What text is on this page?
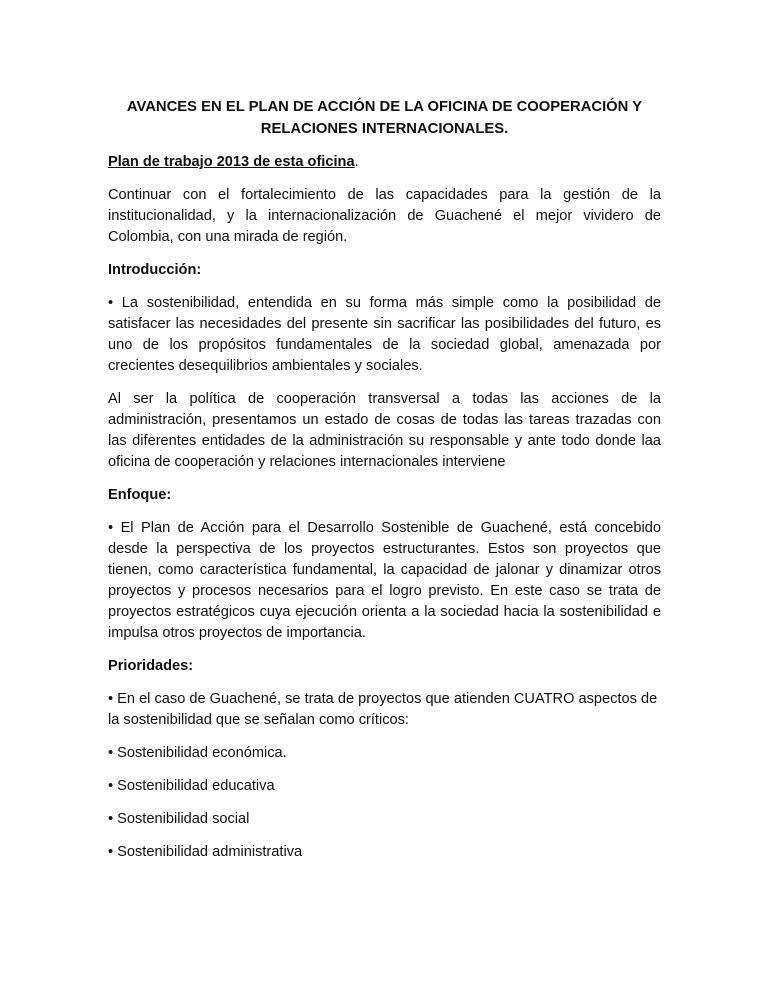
AVANCES EN EL PLAN DE ACCIÓN DE LA OFICINA DE COOPERACIÓN Y RELACIONES INTERNACIONALES.

Plan de trabajo 2013 de esta oficina.

Continuar con el fortalecimiento de las capacidades para la gestión de la institucionalidad, y la internacionalización de Guachené el mejor vividero de Colombia, con una mirada de región.

Introducción:

• La sostenibilidad, entendida en su forma más simple como la posibilidad de satisfacer las necesidades del presente sin sacrificar las posibilidades del futuro, es uno de los propósitos fundamentales de la sociedad global, amenazada por crecientes desequilibrios ambientales y sociales.

Al ser la política de cooperación transversal a todas las acciones de la administración, presentamos un estado de cosas de todas las tareas trazadas con las diferentes entidades de la administración su responsable y ante todo donde laa oficina de cooperación y relaciones internacionales interviene

Enfoque:

• El Plan de Acción para el Desarrollo Sostenible de Guachené, está concebido desde la perspectiva de los proyectos estructurantes. Estos son proyectos que tienen, como característica fundamental, la capacidad de jalonar y dinamizar otros proyectos y procesos necesarios para el logro previsto. En este caso se trata de proyectos estratégicos cuya ejecución orienta a la sociedad hacia la sostenibilidad e impulsa otros proyectos de importancia.

Prioridades:

• En el caso de Guachené, se trata de proyectos que atienden CUATRO aspectos de la sostenibilidad que se señalan como críticos:

• Sostenibilidad económica.

• Sostenibilidad educativa

• Sostenibilidad social

• Sostenibilidad administrativa
